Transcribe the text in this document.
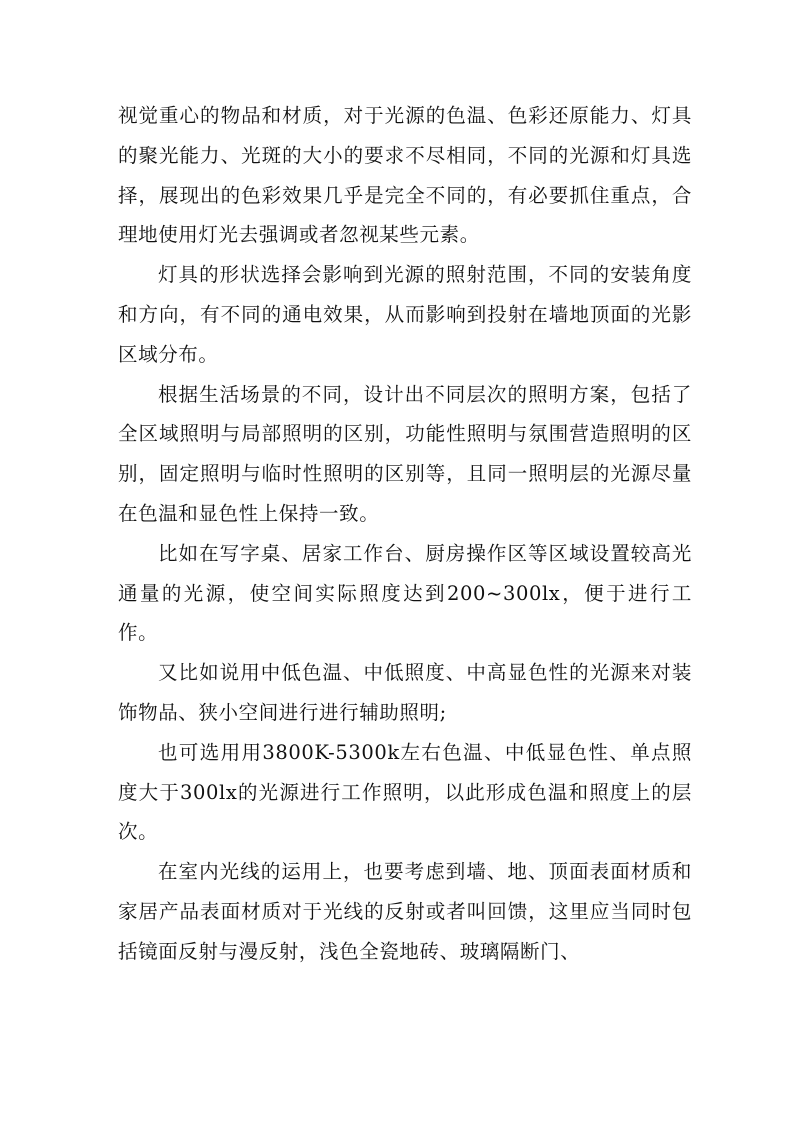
视觉重心的物品和材质，对于光源的色温、色彩还原能力、灯具的聚光能力、光斑的大小的要求不尽相同，不同的光源和灯具选择，展现出的色彩效果几乎是完全不同的，有必要抓住重点，合理地使用灯光去强调或者忽视某些元素。

灯具的形状选择会影响到光源的照射范围，不同的安装角度和方向，有不同的通电效果，从而影响到投射在墙地顶面的光影区域分布。

根据生活场景的不同，设计出不同层次的照明方案，包括了全区域照明与局部照明的区别，功能性照明与氛围营造照明的区别，固定照明与临时性照明的区别等，且同一照明层的光源尽量在色温和显色性上保持一致。

比如在写字桌、居家工作台、厨房操作区等区域设置较高光通量的光源，使空间实际照度达到200~300lx，便于进行工作。

又比如说用中低色温、中低照度、中高显色性的光源来对装饰物品、狭小空间进行进行辅助照明;

也可选用用3800K-5300k左右色温、中低显色性、单点照度大于300lx的光源进行工作照明，以此形成色温和照度上的层次。

在室内光线的运用上，也要考虑到墙、地、顶面表面材质和家居产品表面材质对于光线的反射或者叫回馈，这里应当同时包括镜面反射与漫反射，浅色全瓷地砖、玻璃隔断门、
